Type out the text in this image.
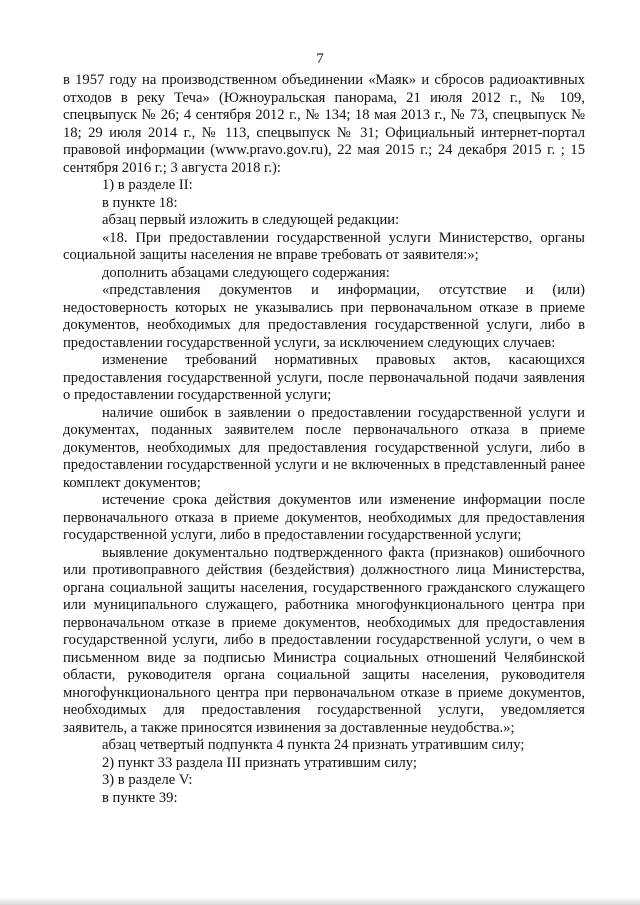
7

в 1957 году на производственном объединении «Маяк» и сбросов радиоактивных отходов в реку Теча» (Южноуральская панорама, 21 июля 2012 г., № 109, спецвыпуск № 26; 4 сентября 2012 г., № 134; 18 мая 2013 г., № 73, спецвыпуск № 18; 29 июля 2014 г., № 113, спецвыпуск № 31; Официальный интернет-портал правовой информации (www.pravo.gov.ru), 22 мая 2015 г.; 24 декабря 2015 г. ; 15 сентября 2016 г.; 3 августа 2018 г.):

1) в разделе II:

в пункте 18:

абзац первый изложить в следующей редакции:

«18. При предоставлении государственной услуги Министерство, органы социальной защиты населения не вправе требовать от заявителя:»;

дополнить абзацами следующего содержания:

«представления документов и информации, отсутствие и (или) недостоверность которых не указывались при первоначальном отказе в приеме документов, необходимых для предоставления государственной услуги, либо в предоставлении государственной услуги, за исключением следующих случаев:

изменение требований нормативных правовых актов, касающихся предоставления государственной услуги, после первоначальной подачи заявления о предоставлении государственной услуги;

наличие ошибок в заявлении о предоставлении государственной услуги и документах, поданных заявителем после первоначального отказа в приеме документов, необходимых для предоставления государственной услуги, либо в предоставлении государственной услуги и не включенных в представленный ранее комплект документов;

истечение срока действия документов или изменение информации после первоначального отказа в приеме документов, необходимых для предоставления государственной услуги, либо в предоставлении государственной услуги;

выявление документально подтвержденного факта (признаков) ошибочного или противоправного действия (бездействия) должностного лица Министерства, органа социальной защиты населения, государственного гражданского служащего или муниципального служащего, работника многофункционального центра при первоначальном отказе в приеме документов, необходимых для предоставления государственной услуги, либо в предоставлении государственной услуги, о чем в письменном виде за подписью Министра социальных отношений Челябинской области, руководителя органа социальной защиты населения, руководителя многофункционального центра при первоначальном отказе в приеме документов, необходимых для предоставления государственной услуги, уведомляется заявитель, а также приносятся извинения за доставленные неудобства.»;

абзац четвертый подпункта 4 пункта 24 признать утратившим силу;

2) пункт 33 раздела III признать утратившим силу;

3) в разделе V:

в пункте 39:
